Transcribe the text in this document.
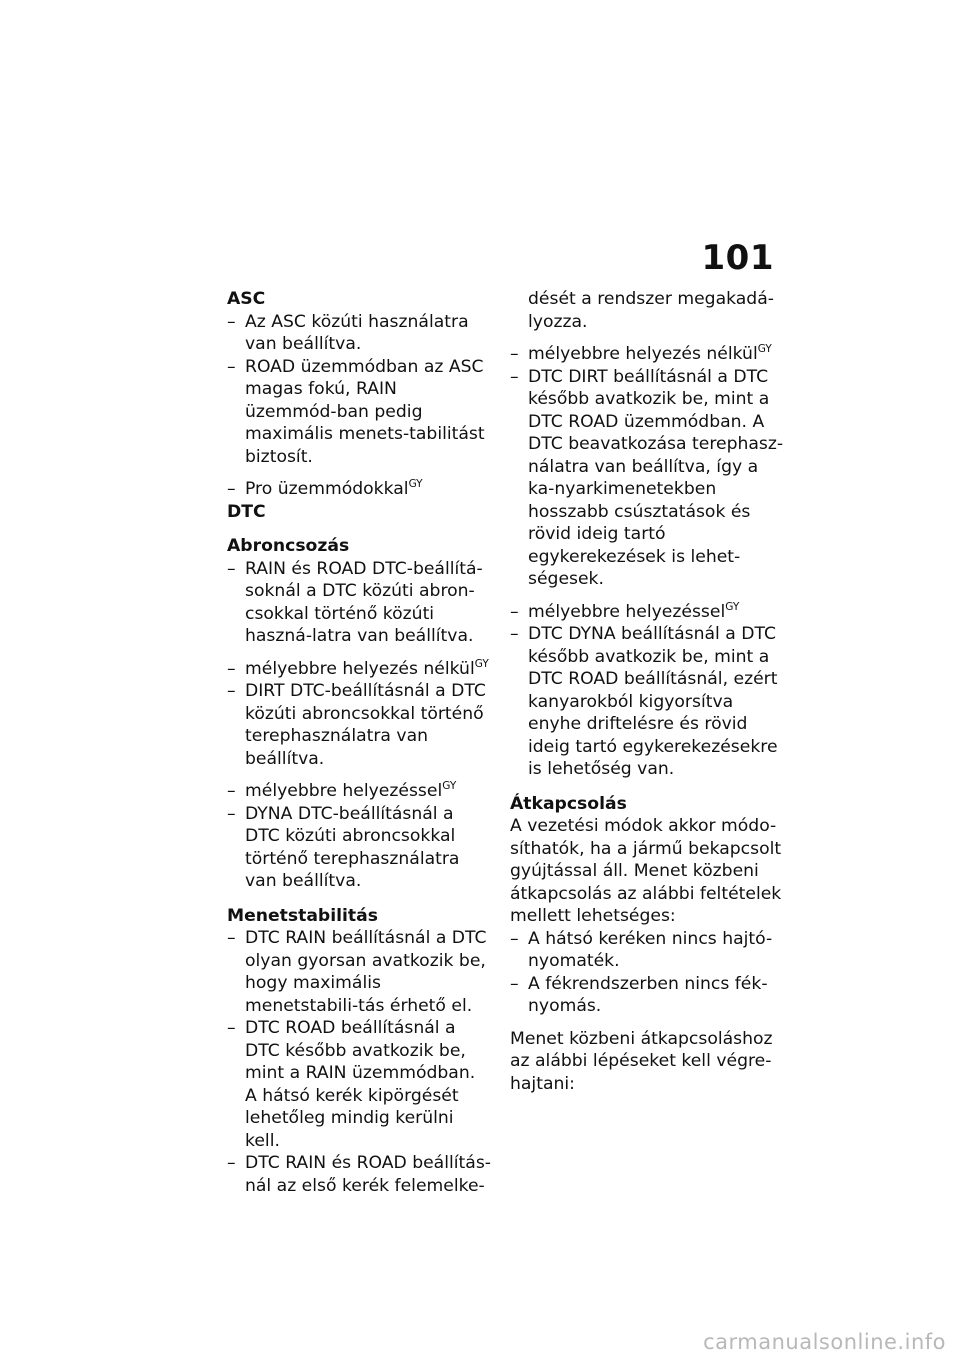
101
ASC
– Az ASC közúti használatra van beállítva.
– ROAD üzemmódban az ASC magas fokú, RAIN üzemmód-ban pedig maximális menets-tabilitást biztosít.
– Pro üzemmódokkal$^{GY}$
DTC
Abroncsozás
– RAIN és ROAD DTC-beállítá-soknál a DTC közúti abron-csokkal történő közúti haszná-latra van beállítva.
– mélyebbre helyezés nélkül$^{GY}$
– DIRT DTC-beállításnál a DTC közúti abroncsokkal történő terephasználatra van beállítva.
– mélyebbre helyezéssel$^{GY}$
– DYNA DTC-beállításnál a DTC közúti abroncsokkal történő terephasználatra van beállítva.
Menetstabilitás
– DTC RAIN beállításnál a DTC olyan gyorsan avatkozik be, hogy maximális menetstabili-tás érhető el.
– DTC ROAD beállításnál a DTC később avatkozik be, mint a RAIN üzemmódban. A hátsó kerék kipörgését lehetőleg mindig kerülni kell.
– DTC RAIN és ROAD beállítás-nál az első kerék felemelke-
dését a rendszer megakadá-lyozza.
– mélyebbre helyezés nélkül$^{GY}$
– DTC DIRT beállításnál a DTC később avatkozik be, mint a DTC ROAD üzemmódban. A DTC beavatkozása terephasz-nálatra van beállítva, így a ka-nyarkimenetekben hosszabb csúsztatások és rövid ideig tartó egykerekezések is lehet-ségesek.
– mélyebbre helyezéssel$^{GY}$
– DTC DYNA beállításnál a DTC később avatkozik be, mint a DTC ROAD beállításnál, ezért kanyarokból kigyorsítva enyhe driftelésre és rövid ideig tartó egykerekezésekre is lehetőség van.
Átkapcsolás
A vezetési módok akkor módo-síthatók, ha a jármű bekapcsolt gyújtással áll. Menet közbeni átkapcsolás az alábbi feltételek mellett lehetséges:
– A hátsó keréken nincs hajtó-nyomaték.
– A fékrendszerben nincs fék-nyomás.
Menet közbeni átkapcsoláshoz az alábbi lépéseket kell végre-hajtani:
carmanualsonline.info
